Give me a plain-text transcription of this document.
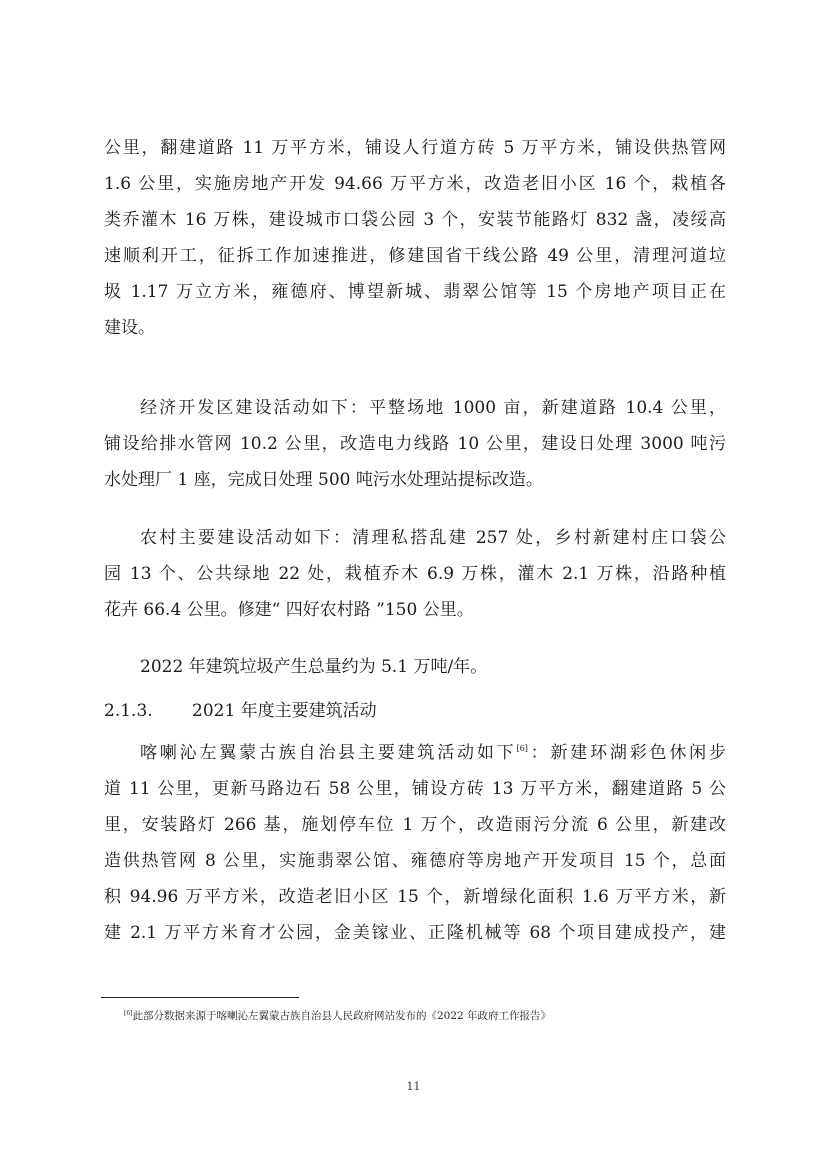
公里，翻建道路 11 万平方米，铺设人行道方砖 5 万平方米，铺设供热管网
1.6 公里，实施房地产开发 94.66 万平方米，改造老旧小区 16 个，栽植各
类乔灌木 16 万株，建设城市口袋公园 3 个，安装节能路灯 832 盏，凌绥高
速顺利开工，征拆工作加速推进，修建国省干线公路 49 公里，清理河道垃
圾 1.17 万立方米，雍德府、博望新城、翡翠公馆等 15 个房地产项目正在
建设。
经济开发区建设活动如下：平整场地 1000 亩，新建道路 10.4 公里，
铺设给排水管网 10.2 公里，改造电力线路 10 公里，建设日处理 3000 吨污
水处理厂 1 座，完成日处理 500 吨污水处理站提标改造。
农村主要建设活动如下：清理私搭乱建 257 处，乡村新建村庄口袋公
园 13 个、公共绿地 22 处，栽植乔木 6.9 万株，灌木 2.1 万株，沿路种植
花卉 66.4 公里。修建“ 四好农村路 ”150 公里。
2022 年建筑垃圾产生总量约为 5.1 万吨/年。
2.1.3. 2021 年度主要建筑活动
喀喇沁左翼蒙古族自治县主要建筑活动如下[6]：新建环湖彩色休闲步
道 11 公里，更新马路边石 58 公里，铺设方砖 13 万平方米，翻建道路 5 公
里，安装路灯 266 基，施划停车位 1 万个，改造雨污分流 6 公里，新建改
造供热管网 8 公里，实施翡翠公馆、雍德府等房地产开发项目 15 个，总面
积 94.96 万平方米，改造老旧小区 15 个，新增绿化面积 1.6 万平方米，新
建 2.1 万平方米育才公园，金美镓业、正隆机械等 68 个项目建成投产，建
[6]此部分数据来源于喀喇沁左翼蒙古族自治县人民政府网站发布的《2022 年政府工作报告》
11
